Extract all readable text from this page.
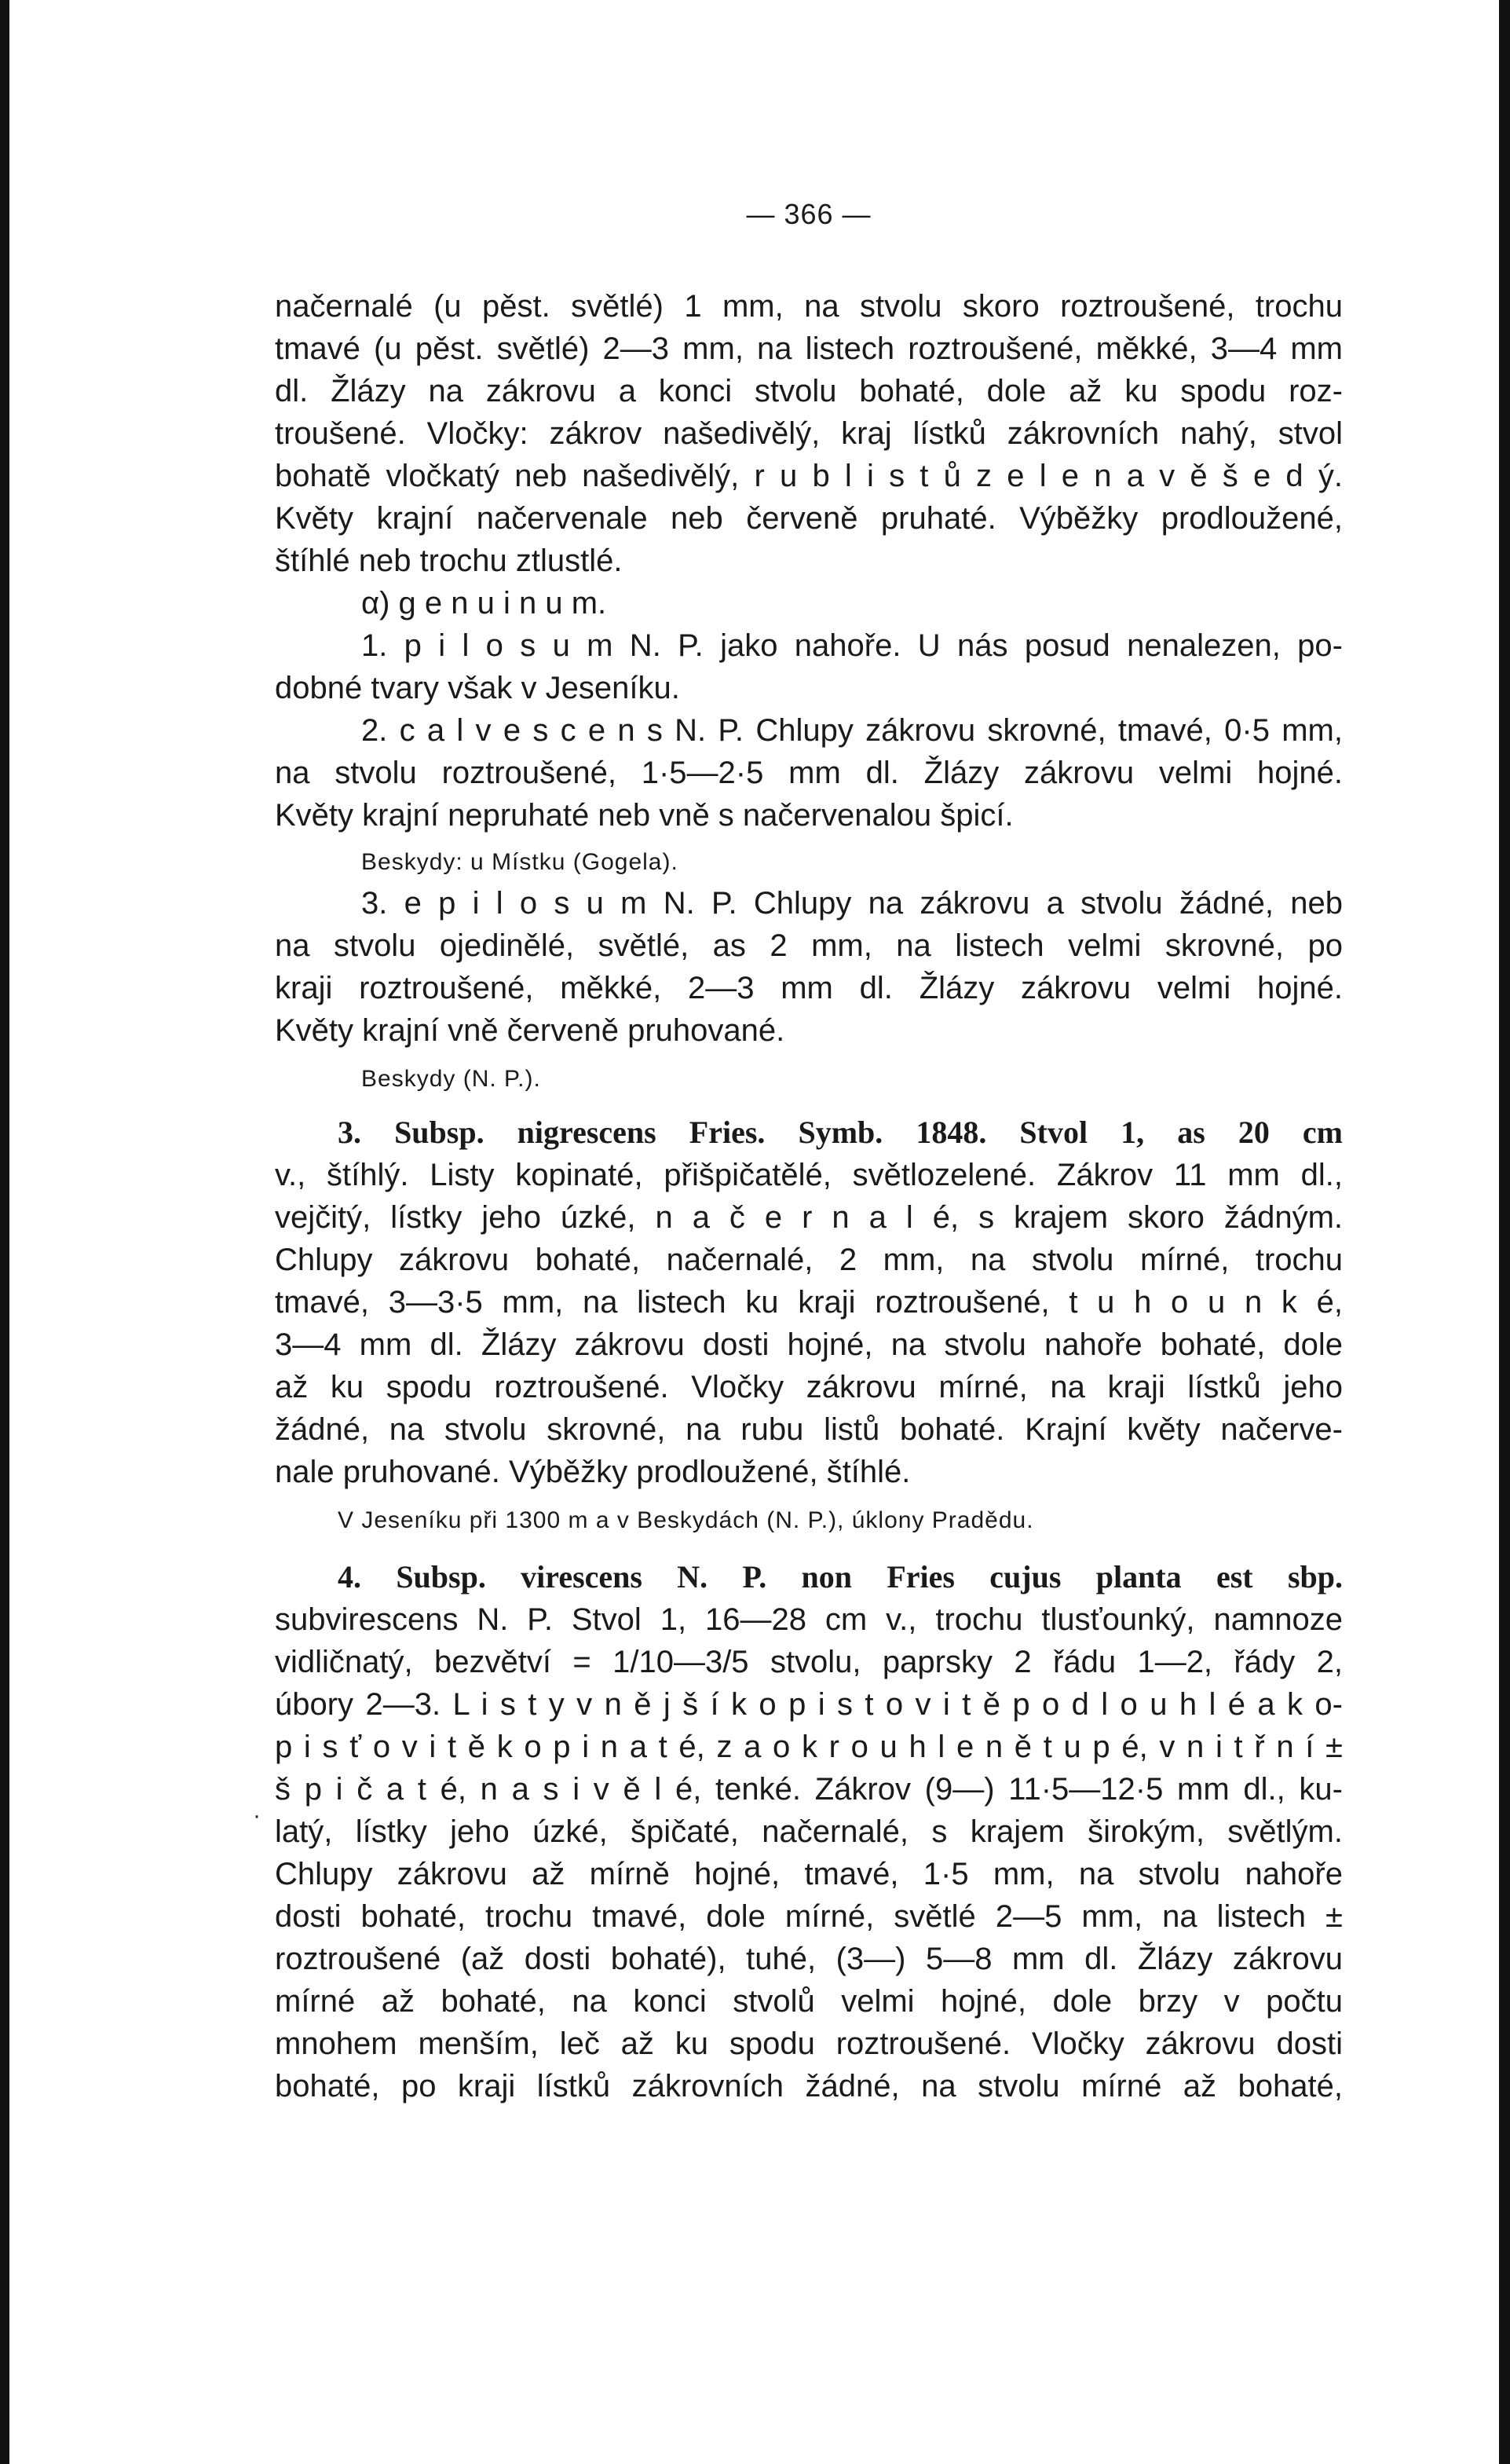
— 366 —
načernalé (u pěst. světlé) 1 mm, na stvolu skoro roztroušené, trochu
tmavé (u pěst. světlé) 2—3 mm, na listech roztroušené, měkké, 3—4 mm
dl. Žlázy na zákrovu a konci stvolu bohaté, dole až ku spodu roz-
troušené. Vločky: zákrov našedivělý, kraj lístků zákrovních nahý, stvol
bohatě vločkatý neb našedivělý, r u b l i s t ů z e l e n a v ě š e d ý.
Květy krajní načervenale neb červeně pruhaté. Výběžky prodloužené,
štíhlé neb trochu ztlustlé.
α) g e n u i n u m.
1. p i l o s u m N. P. jako nahoře. U nás posud nenalezen, po-
dobné tvary však v Jeseníku.
2. c a l v e s c e n s N. P. Chlupy zákrovu skrovné, tmavé, 0·5 mm,
na stvolu roztroušené, 1·5—2·5 mm dl. Žlázy zákrovu velmi hojné.
Květy krajní nepruhaté neb vně s načervenalou špicí.
Beskydy: u Místku (Gogela).
3. e p i l o s u m N. P. Chlupy na zákrovu a stvolu žádné, neb
na stvolu ojedinělé, světlé, as 2 mm, na listech velmi skrovné, po
kraji roztroušené, měkké, 2—3 mm dl. Žlázy zákrovu velmi hojné.
Květy krajní vně červeně pruhované.
Beskydy (N. P.).
3. Subsp. nigrescens Fries. Symb. 1848. Stvol 1, as 20 cm
v., štíhlý. Listy kopinaté, přišpičatělé, světlozelené. Zákrov 11 mm dl.,
vejčitý, lístky jeho úzké, n a č e r n a l é, s krajem skoro žádným.
Chlupy zákrovu bohaté, načernalé, 2 mm, na stvolu mírné, trochu
tmavé, 3—3·5 mm, na listech ku kraji roztroušené, t u h o u n k é,
3—4 mm dl. Žlázy zákrovu dosti hojné, na stvolu nahoře bohaté, dole
až ku spodu roztroušené. Vločky zákrovu mírné, na kraji lístků jeho
žádné, na stvolu skrovné, na rubu listů bohaté. Krajní květy načerve-
nale pruhované. Výběžky prodloužené, štíhlé.
V Jeseníku při 1300 m a v Beskydách (N. P.), úklony Pradědu.
4. Subsp. virescens N. P. non Fries cujus planta est sbp.
subvirescens N. P. Stvol 1, 16—28 cm v., trochu tlusťounký, namnoze
vidličnatý, bezvětví = 1/10—3/5 stvolu, paprsky 2 řádu 1—2, řády 2,
úbory 2—3. L i s t y v n ě j š í k o p i s t o v i t ě p o d l o u h l é a k o-
p i s ť o v i t ě k o p i n a t é, z a o k r o u h l e n ě t u p é, v n i t ř n í ±
š p i č a t é, n a s i v ě l é, tenké. Zákrov (9—) 11·5—12·5 mm dl., ku-
latý, lístky jeho úzké, špičaté, načernalé, s krajem širokým, světlým.
Chlupy zákrovu až mírně hojné, tmavé, 1·5 mm, na stvolu nahoře
dosti bohaté, trochu tmavé, dole mírné, světlé 2—5 mm, na listech ±
roztroušené (až dosti bohaté), tuhé, (3—) 5—8 mm dl. Žlázy zákrovu
mírné až bohaté, na konci stvolů velmi hojné, dole brzy v počtu
mnohem menším, leč až ku spodu roztroušené. Vločky zákrovu dosti
bohaté, po kraji lístků zákrovních žádné, na stvolu mírné až bohaté,
·
